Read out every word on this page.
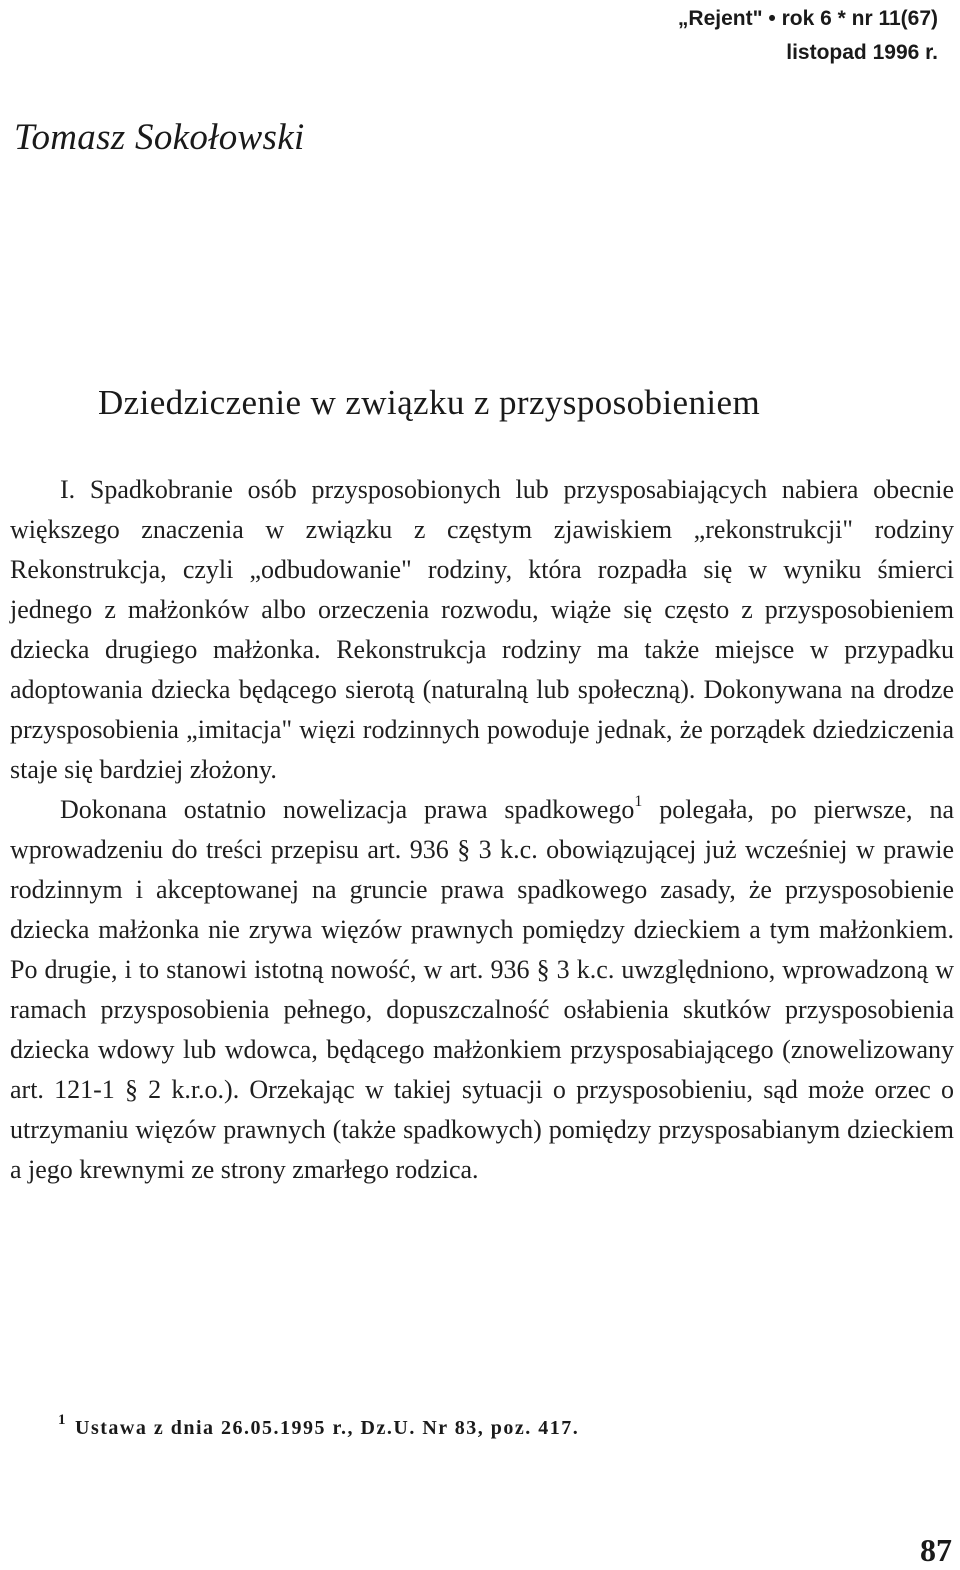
„Rejent" • rok 6 * nr 11(67)
listopad 1996 r.
Tomasz Sokołowski
Dziedziczenie w związku z przysposobieniem

I. Spadkobranie osób przysposobionych lub przysposabiających nabiera obecnie większego znaczenia w związku z częstym zjawiskiem „rekonstrukcji" rodziny Rekonstrukcja, czyli „odbudowanie" rodziny, która rozpadła się w wyniku śmierci jednego z małżonków albo orzeczenia rozwodu, wiąże się często z przysposobieniem dziecka drugiego małżonka. Rekonstrukcja rodziny ma także miejsce w przypadku adoptowania dziecka będącego sierotą (naturalną lub społeczną). Dokonywana na drodze przysposobienia „imitacja" więzi rodzinnych powoduje jednak, że porządek dziedziczenia staje się bardziej złożony.

Dokonana ostatnio nowelizacja prawa spadkowego$^1$ polegała, po pierwsze, na wprowadzeniu do treści przepisu art. 936 § 3 k.c. obowiązującej już wcześniej w prawie rodzinnym i akceptowanej na gruncie prawa spadkowego zasady, że przysposobienie dziecka małżonka nie zrywa więzów prawnych pomiędzy dzieckiem a tym małżonkiem. Po drugie, i to stanowi istotną nowość, w art. 936 § 3 k.c. uwzględniono, wprowadzoną w ramach przysposobienia pełnego, dopuszczalność osłabienia skutków przysposobienia dziecka wdowy lub wdowca, będącego małżonkiem przysposabiającego (znowelizowany art. 121-1 § 2 k.r.o.). Orzekając w takiej sytuacji o przysposobieniu, sąd może orzec o utrzymaniu więzów prawnych (także spadkowych) pomiędzy przysposabianym dzieckiem a jego krewnymi ze strony zmarłego rodzica.

$^1$ Ustawa z dnia 26.05.1995 r., Dz.U. Nr 83, poz. 417.
87
